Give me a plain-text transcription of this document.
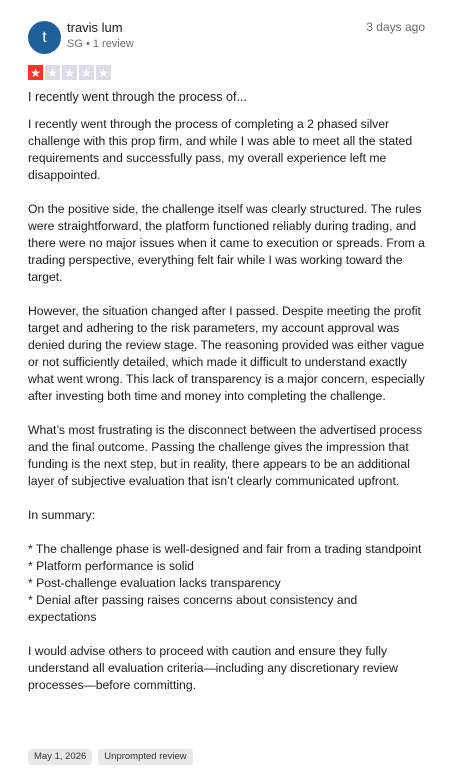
t
travis lum
SG • 1 review
3 days ago
★ ★ ★ ★ ★
I recently went through the process of...

I recently went through the process of completing a 2 phased silver challenge with this prop firm, and while I was able to meet all the stated requirements and successfully pass, my overall experience left me disappointed.

On the positive side, the challenge itself was clearly structured. The rules were straightforward, the platform functioned reliably during trading, and there were no major issues when it came to execution or spreads. From a trading perspective, everything felt fair while I was working toward the target.

However, the situation changed after I passed. Despite meeting the profit target and adhering to the risk parameters, my account approval was denied during the review stage. The reasoning provided was either vague or not sufficiently detailed, which made it difficult to understand exactly what went wrong. This lack of transparency is a major concern, especially after investing both time and money into completing the challenge.

What’s most frustrating is the disconnect between the advertised process and the final outcome. Passing the challenge gives the impression that funding is the next step, but in reality, there appears to be an additional layer of subjective evaluation that isn’t clearly communicated upfront.

In summary:

* The challenge phase is well-designed and fair from a trading standpoint
* Platform performance is solid
* Post-challenge evaluation lacks transparency
* Denial after passing raises concerns about consistency and expectations

I would advise others to proceed with caution and ensure they fully understand all evaluation criteria—including any discretionary review processes—before committing.

May 1, 2026	Unprompted review
